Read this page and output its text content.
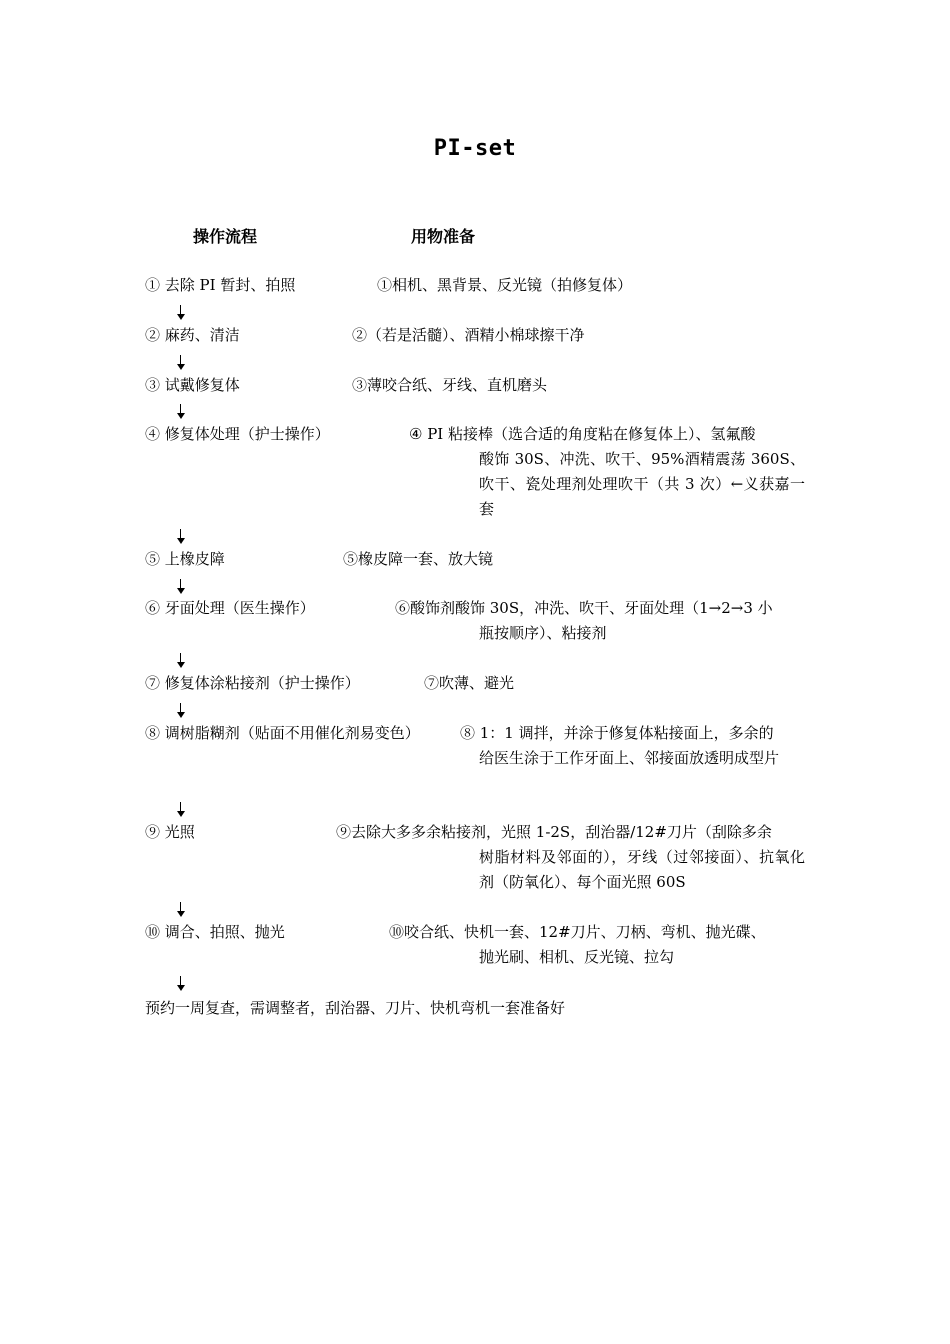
PI-set
操作流程	用物准备
① 去除 PI 暂封、拍照	①相机、黑背景、反光镜（拍修复体）
② 麻药、清洁	②（若是活髓）、酒精小棉球擦干净
③ 试戴修复体	③薄咬合纸、牙线、直机磨头
④ 修复体处理（护士操作）	④ PI 粘接棒（选合适的角度粘在修复体上）、氢氟酸
酸饰 30S、冲洗、吹干、95%酒精震荡 360S、吹干、瓷处理剂处理吹干（共 3 次）←义获嘉一套
⑤ 上橡皮障	⑤橡皮障一套、放大镜
⑥ 牙面处理（医生操作）	⑥酸饰剂酸饰 30S，冲洗、吹干、牙面处理（1→2→3 小
瓶按顺序）、粘接剂
⑦ 修复体涂粘接剂（护士操作）	⑦吹薄、避光
⑧ 调树脂糊剂（贴面不用催化剂易变色）	⑧ 1：1 调拌，并涂于修复体粘接面上，多余的
给医生涂于工作牙面上、邻接面放透明成型片
⑨ 光照	⑨去除大多多余粘接剂，光照 1-2S，刮治器/12#刀片（刮除多余
树脂材料及邻面的），牙线（过邻接面）、抗氧化剂（防氧化）、每个面光照 60S
⑩ 调合、拍照、抛光	⑩咬合纸、快机一套、12#刀片、刀柄、弯机、抛光碟、
抛光刷、相机、反光镜、拉勾
预约一周复查，需调整者，刮治器、刀片、快机弯机一套准备好
